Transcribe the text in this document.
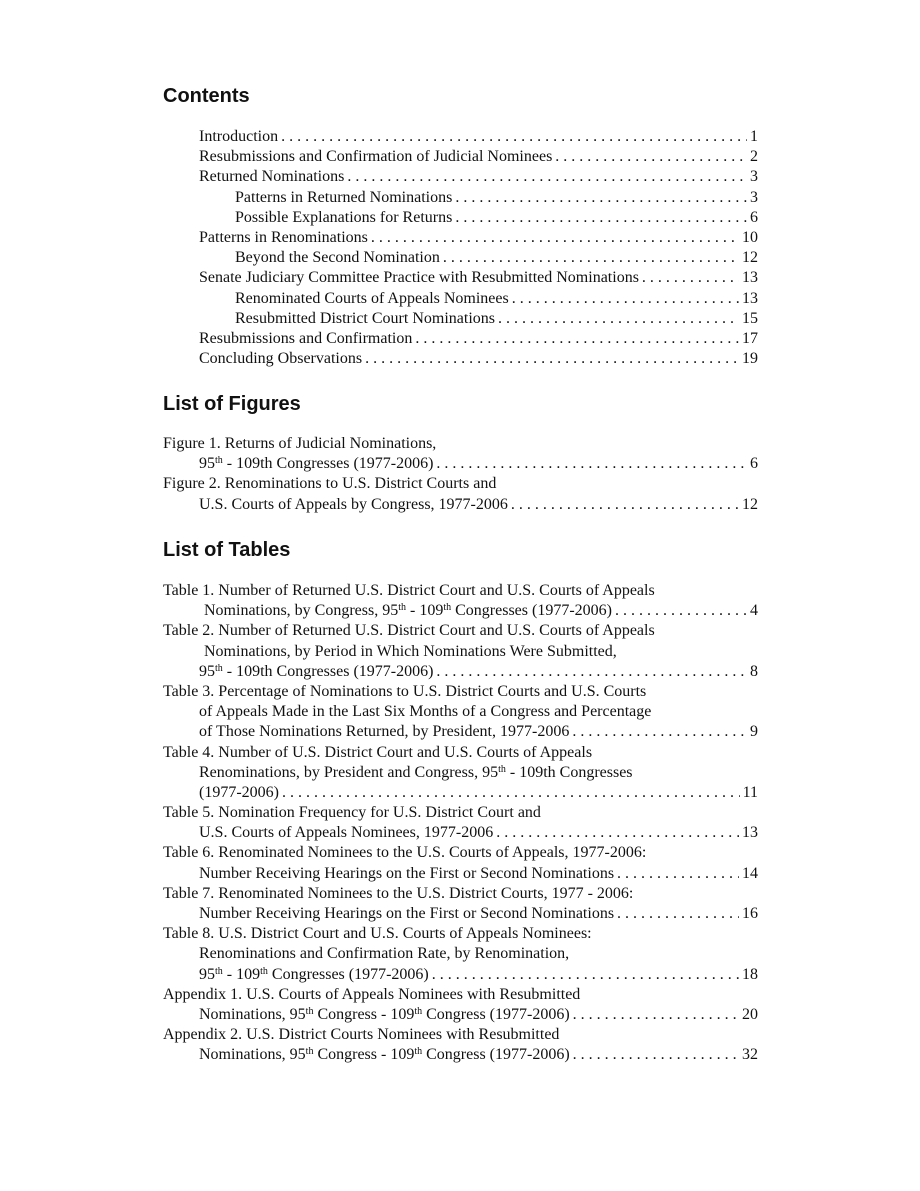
Contents
Introduction . . .	1
Resubmissions and Confirmation of Judicial Nominees . . .	2
Returned Nominations . . .	3
Patterns in Returned Nominations . . .	3
Possible Explanations for Returns . . .	6
Patterns in Renominations . . .	10
Beyond the Second Nomination . . .	12
Senate Judiciary Committee Practice with Resubmitted Nominations . . .	13
Renominated Courts of Appeals Nominees . . .	13
Resubmitted District Court Nominations . . .	15
Resubmissions and Confirmation . . .	17
Concluding Observations . . .	19
List of Figures
Figure 1. Returns of Judicial Nominations,
95th - 109th Congresses (1977-2006) . . .	6
Figure 2. Renominations to U.S. District Courts and
U.S. Courts of Appeals by Congress, 1977-2006 . . .	12
List of Tables
Table 1. Number of Returned U.S. District Court and U.S. Courts of Appeals
Nominations, by Congress, 95th - 109th Congresses (1977-2006) . . .	4
Table 2. Number of Returned U.S. District Court and U.S. Courts of Appeals
Nominations, by Period in Which Nominations Were Submitted,
95th - 109th Congresses (1977-2006) . . .	8
Table 3. Percentage of Nominations to U.S. District Courts and U.S. Courts
of Appeals Made in the Last Six Months of a Congress and Percentage
of Those Nominations Returned, by President, 1977-2006 . . .	9
Table 4. Number of U.S. District Court and U.S. Courts of Appeals
Renominations, by President and Congress, 95th - 109th Congresses
(1977-2006) . . .	11
Table 5. Nomination Frequency for U.S. District Court and
U.S. Courts of Appeals Nominees, 1977-2006 . . .	13
Table 6. Renominated Nominees to the U.S. Courts of Appeals, 1977-2006:
Number Receiving Hearings on the First or Second Nominations . . .	14
Table 7. Renominated Nominees to the U.S. District Courts, 1977 - 2006:
Number Receiving Hearings on the First or Second Nominations . . .	16
Table 8. U.S. District Court and U.S. Courts of Appeals Nominees:
Renominations and Confirmation Rate, by Renomination,
95th - 109th Congresses (1977-2006) . . .	18
Appendix 1. U.S. Courts of Appeals Nominees with Resubmitted
Nominations, 95th Congress - 109th Congress (1977-2006) . . .	20
Appendix 2. U.S. District Courts Nominees with Resubmitted
Nominations, 95th Congress - 109th Congress (1977-2006) . . .	32
